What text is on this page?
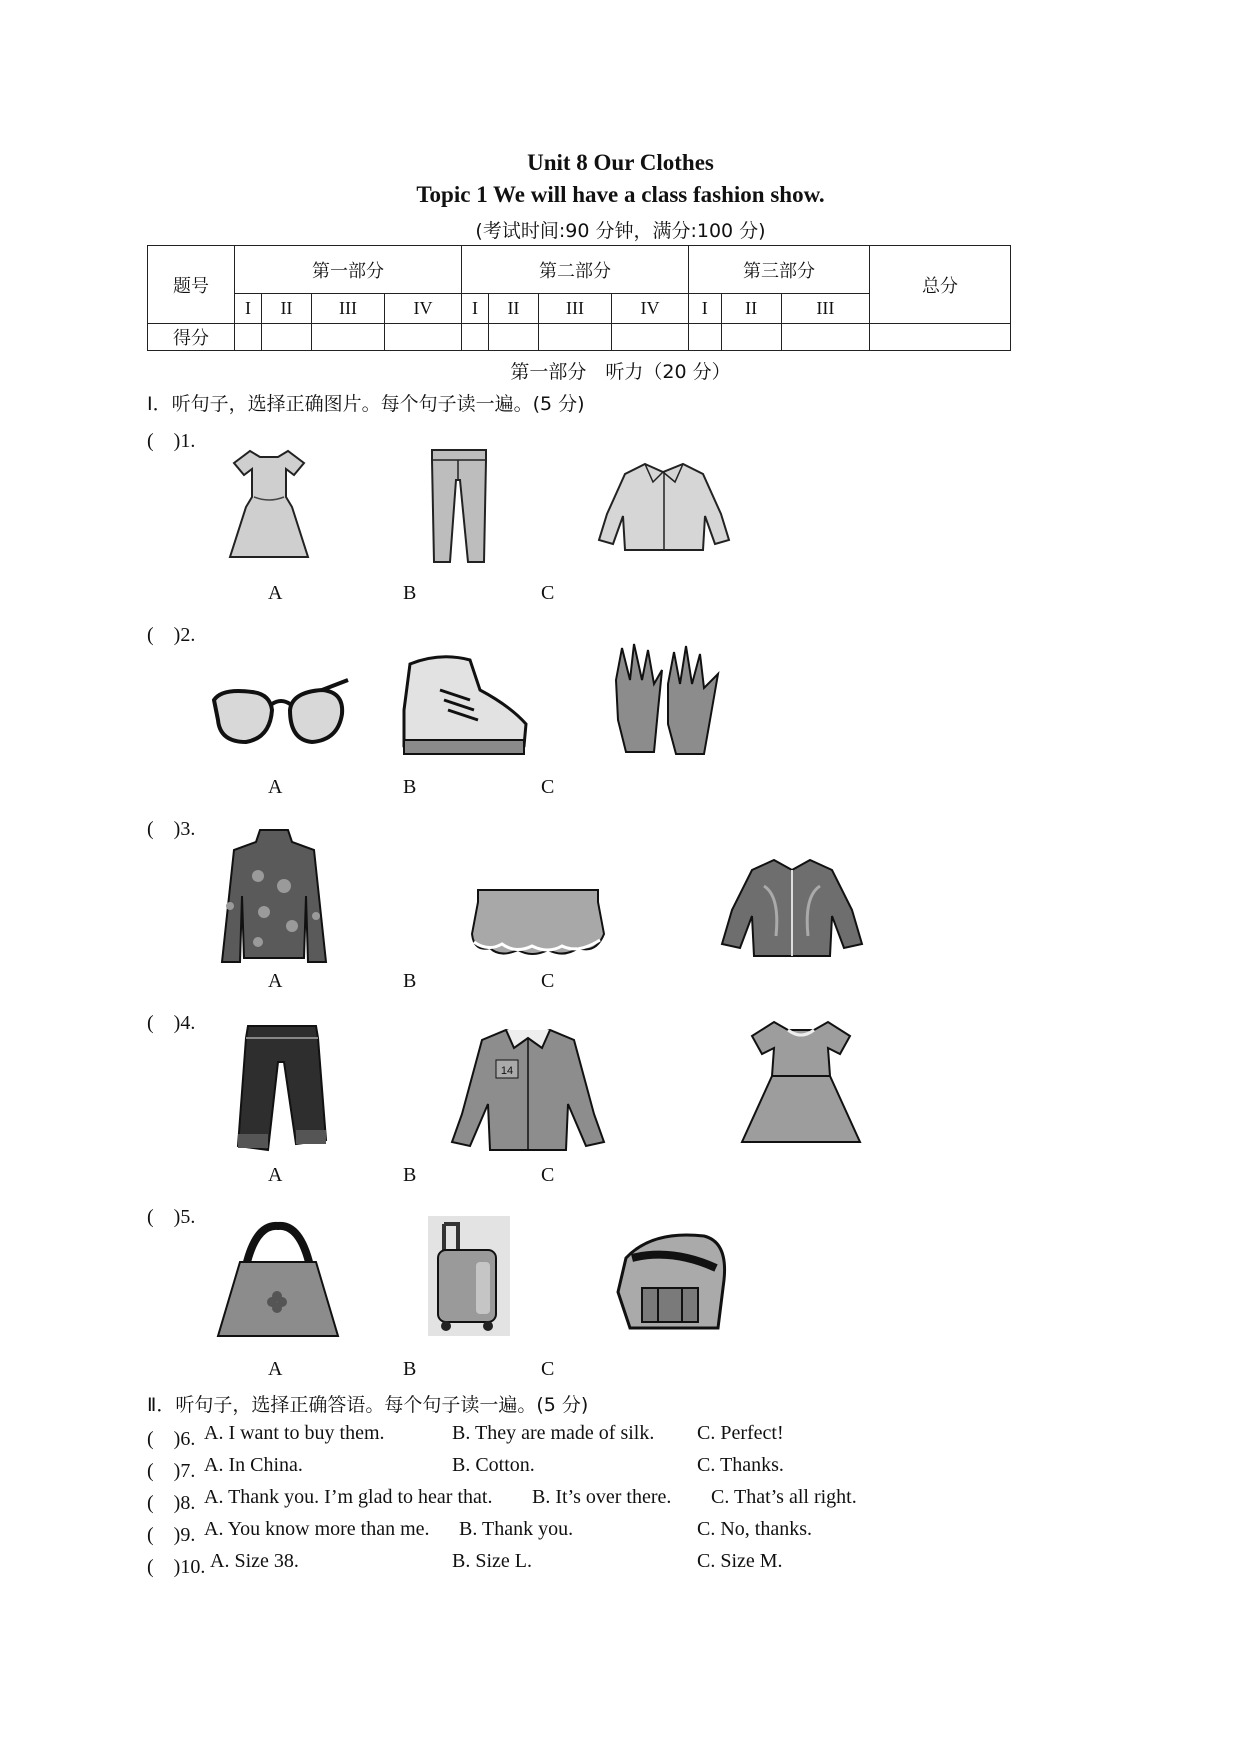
Unit 8 Our Clothes
Topic 1 We will have a class fashion show.
(考试时间:90 分钟，满分:100 分)
题号	第一部分				第二部分				第三部分			总分
	I	II	III	IV	I	II	III	IV	I	II	III	
得分												
第一部分　听力（20 分）
Ⅰ．听句子，选择正确图片。每个句子读一遍。(5 分)
(　)1.
A	B	C
(　)2.
A	B	C
(　)3.
A	B	C
(　)4.
14
A	B	C
(　)5.
A	B	C
Ⅱ．听句子，选择正确答语。每个句子读一遍。(5 分)
(　)6. A. I want to buy them.	B. They are made of silk. C. Perfect!
(　)7. A. In China.	B. Cotton.	C. Thanks.
(　)8. A. Thank you. I’m glad to hear that. B. It’s over there. C. That’s all right.
(　)9. A. You know more than me. B. Thank you.	C. No, thanks.
(　)10. A. Size 38.	B. Size L.	C. Size M.
